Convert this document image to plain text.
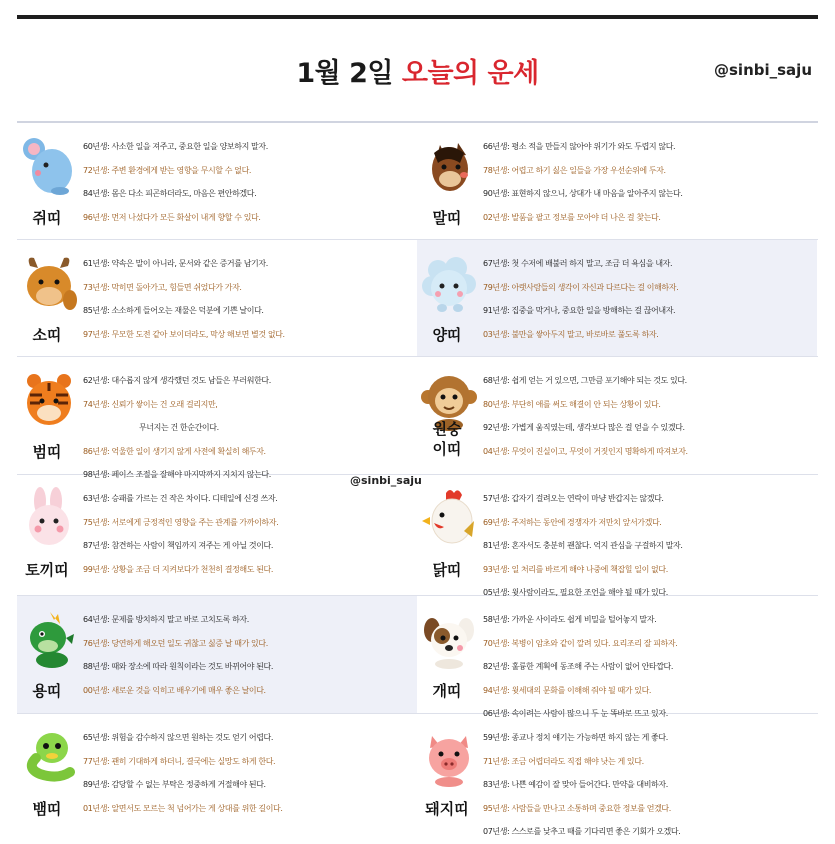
1월 2일 오늘의 운세	@sinbi_saju
쥐띠
60년생: 사소한 일을 져주고, 중요한 일을 양보하지 말자.
72년생: 주변 환경에게 받는 영향을 무시할 수 없다.
84년생: 몸은 다소 피곤하더라도, 마음은 편안하겠다.
96년생: 먼저 나섰다가 모든 화살이 내게 향할 수 있다.	말띠
66년생: 평소 적을 만들지 않아야 위기가 와도 두렵지 않다.
78년생: 어렵고 하기 싫은 일들을 가장 우선순위에 두자.
90년생: 표현하지 않으니, 상대가 내 마음을 알아주지 않는다.
02년생: 발품을 팔고 정보를 모아야 더 나은 걸 찾는다.
소띠
61년생: 약속은 말이 아니라, 문서와 같은 증거를 남기자.
73년생: 막히면 돌아가고, 힘들면 쉬었다가 가자.
85년생: 소소하게 들어오는 재물은 덕분에 기쁜 날이다.
97년생: 무모한 도전 같아 보이더라도, 막상 해보면 별것 없다.	양띠
67년생: 첫 수저에 배불러 하지 말고, 조금 더 욕심을 내자.
79년생: 아랫사람들의 생각이 자신과 다르다는 걸 이해하자.
91년생: 집중을 막거나, 중요한 일을 방해하는 걸 끊어내자.
03년생: 불만을 쌓아두지 말고, 바로바로 풀도록 하자.
범띠
62년생: 대수롭지 않게 생각했던 것도 남들은 부러워한다.
74년생: 신뢰가 쌓이는 건 오래 걸리지만,
무너지는 건 한순간이다.
86년생: 억울한 일이 생기지 않게 사전에 확실히 해두자.
98년생: 페이스 조절을 잘해야 마지막까지 지치지 않는다.
원숭이띠
68년생: 쉽게 얻는 거 있으면, 그만큼 포기해야 되는 것도 있다.
80년생: 부단히 애를 써도 해결이 안 되는 상황이 있다.
92년생: 가볍게 움직였는데, 생각보다 많은 걸 얻을 수 있겠다.
04년생: 무엇이 진실이고, 무엇이 거짓인지 명확하게 따져보자.
토끼띠
63년생: 승패를 가르는 건 작은 차이다. 디테일에 신경 쓰자.
75년생: 서로에게 긍정적인 영향을 주는 관계를 가까이하자.
87년생: 참견하는 사람이 책임까지 져주는 게 아닐 것이다.
99년생: 상황을 조금 더 지켜보다가 천천히 결정해도 된다.	닭띠
57년생: 갑자기 걸려오는 연락이 마냥 반갑지는 않겠다.
69년생: 주저하는 동안에 경쟁자가 저만치 앞서가겠다.
81년생: 혼자서도 충분히 괜찮다. 억지 관심을 구걸하지 말자.
93년생: 일 처리를 바르게 해야 나중에 책잡힐 일이 없다.
05년생: 윗사람이라도, 필요한 조언을 해야 될 때가 있다.
용띠
64년생: 문제를 방치하지 말고 바로 고치도록 하자.
76년생: 당연하게 해오던 일도 귀찮고 싫증 날 때가 있다.
88년생: 때와 장소에 따라 원칙이라는 것도 바뀌어야 된다.
00년생: 새로운 것을 익히고 배우기에 매우 좋은 날이다.	개띠
58년생: 가까운 사이라도 쉽게 비밀을 털어놓지 말자.
70년생: 복병이 암초와 같이 깔려 있다. 요리조리 잘 피하자.
82년생: 훌륭한 계획에 동조해 주는 사람이 없어 안타깝다.
94년생: 윗세대의 문화를 이해해 줘야 될 때가 있다.
06년생: 속이려는 사람이 많으니 두 눈 똑바로 뜨고 있자.
뱀띠
65년생: 위험을 감수하지 않으면 원하는 것도 얻기 어렵다.
77년생: 괜히 기대하게 하더니, 결국에는 실망도 하게 한다.
89년생: 감당할 수 없는 부탁은 정중하게 거절해야 된다.
01년생: 알면서도 모르는 척 넘어가는 게 상대를 위한 길이다.	돼지띠
59년생: 종교나 정치 얘기는 가능하면 하지 않는 게 좋다.
71년생: 조금 어렵더라도 직접 해야 낫는 게 있다.
83년생: 나쁜 예감이 잘 맞아 들어간다. 만약을 대비하자.
95년생: 사람들을 만나고 소통하며 중요한 정보를 얻겠다.
07년생: 스스로를 낮추고 때를 기다리면 좋은 기회가 오겠다.
@sinbi_saju
